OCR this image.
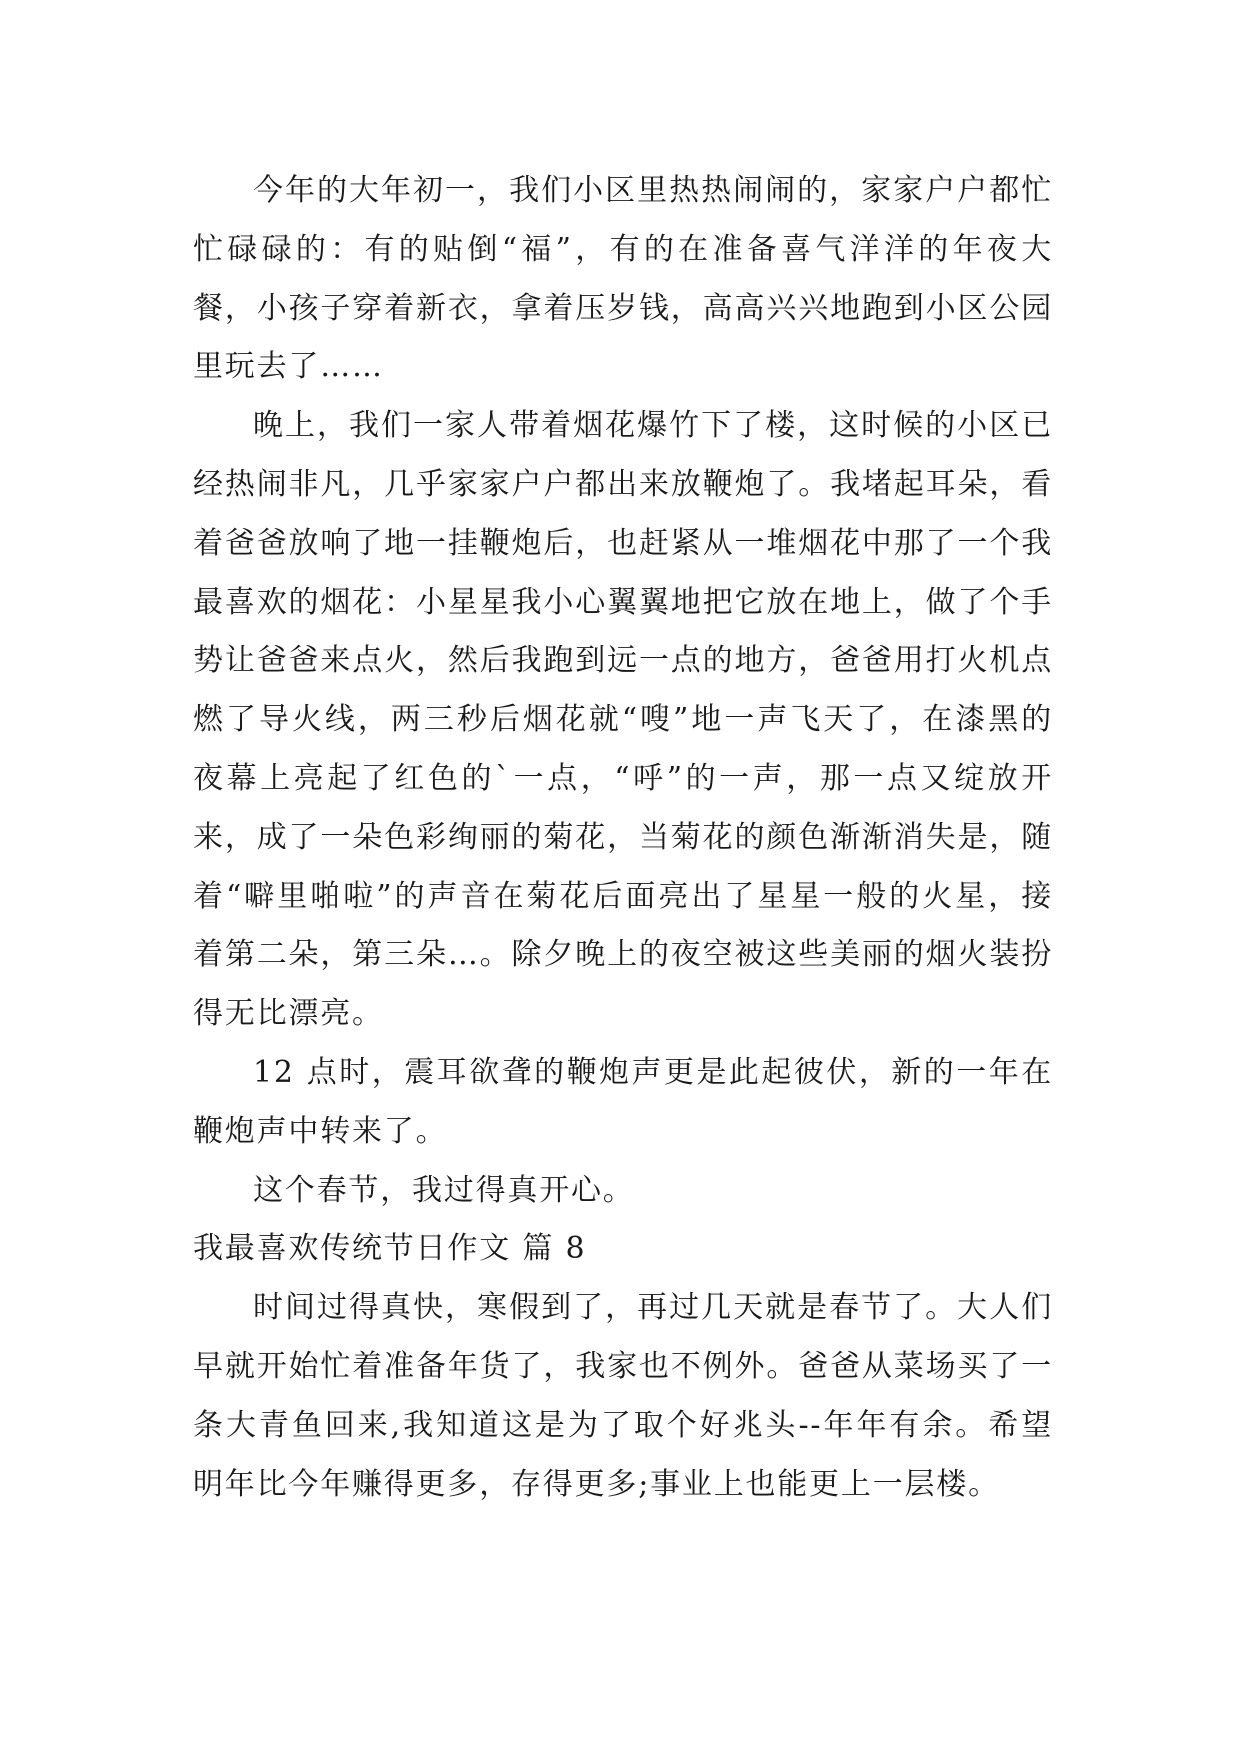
今年的大年初一，我们小区里热热闹闹的，家家户户都忙忙碌碌的：有的贴倒“福”，有的在准备喜气洋洋的年夜大餐，小孩子穿着新衣，拿着压岁钱，高高兴兴地跑到小区公园里玩去了……

晚上，我们一家人带着烟花爆竹下了楼，这时候的小区已经热闹非凡，几乎家家户户都出来放鞭炮了。我堵起耳朵，看着爸爸放响了地一挂鞭炮后，也赶紧从一堆烟花中那了一个我最喜欢的烟花：小星星我小心翼翼地把它放在地上，做了个手势让爸爸来点火，然后我跑到远一点的地方，爸爸用打火机点燃了导火线，两三秒后烟花就“嗖”地一声飞天了，在漆黑的夜幕上亮起了红色的`一点，“呼”的一声，那一点又绽放开来，成了一朵色彩绚丽的菊花，当菊花的颜色渐渐消失是，随着“噼里啪啦”的声音在菊花后面亮出了星星一般的火星，接着第二朵，第三朵…。除夕晚上的夜空被这些美丽的烟火装扮得无比漂亮。

12 点时，震耳欲聋的鞭炮声更是此起彼伏，新的一年在鞭炮声中转来了。

这个春节，我过得真开心。

我最喜欢传统节日作文 篇 8

时间过得真快，寒假到了，再过几天就是春节了。大人们早就开始忙着准备年货了，我家也不例外。爸爸从菜场买了一条大青鱼回来,我知道这是为了取个好兆头--年年有余。希望明年比今年赚得更多，存得更多;事业上也能更上一层楼。
